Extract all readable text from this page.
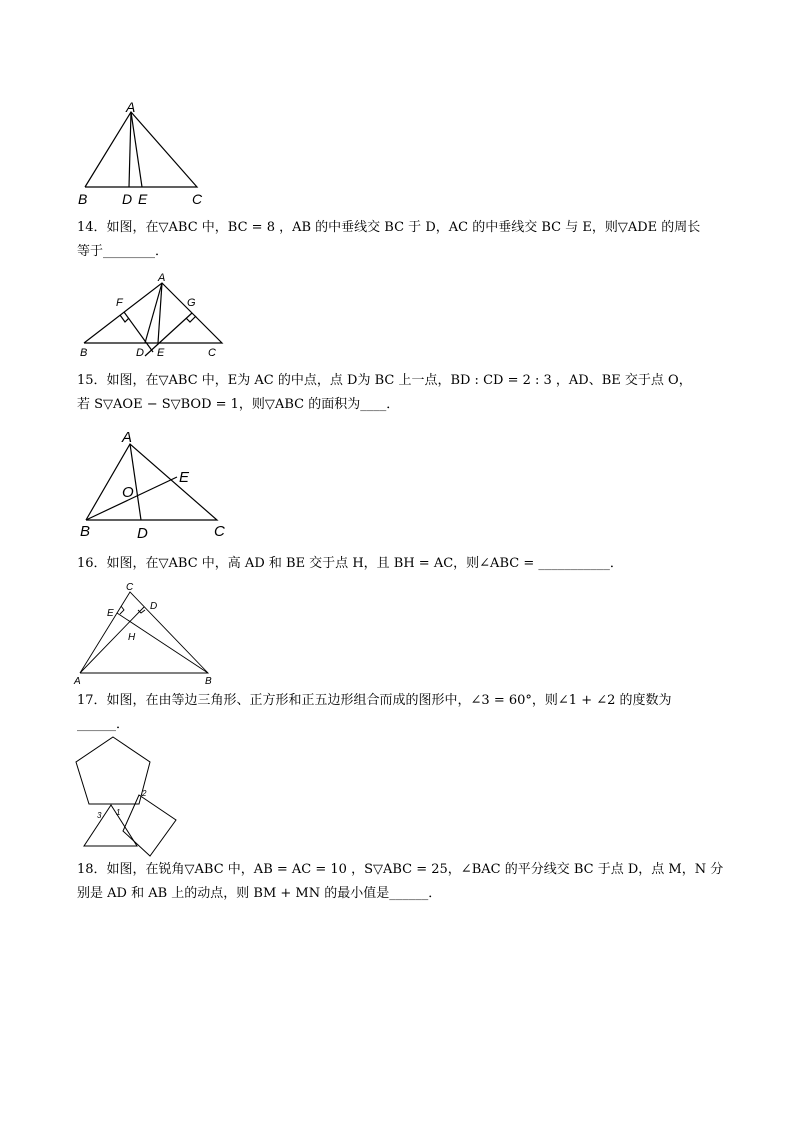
A
B D E	C
A
F	G
B	D E	C
A
E
O
B	D	C
C
E
D
H
A	B
2
1
3
14．如图，在▽ABC 中，BC = 8 ，AB 的中垂线交 BC 于 D，AC 的中垂线交 BC 与 E，则▽ADE 的周长
等于________．
15．如图，在▽ABC 中，E为 AC 的中点，点 D为 BC 上一点，BD : CD = 2 : 3 ，AD、BE 交于点 O，
若 S▽AOE − S▽BOD = 1，则▽ABC 的面积为____．
16．如图，在▽ABC 中，高 AD 和 BE 交于点 H，且 BH = AC，则∠ABC = ___________．
17．如图，在由等边三角形、正方形和正五边形组合而成的图形中，∠3 = 60°，则∠1 + ∠2 的度数为
______．
18．如图，在锐角▽ABC 中，AB = AC = 10 ，S▽ABC = 25，∠BAC 的平分线交 BC 于点 D，点 M，N 分
别是 AD 和 AB 上的动点，则 BM + MN 的最小值是______．
